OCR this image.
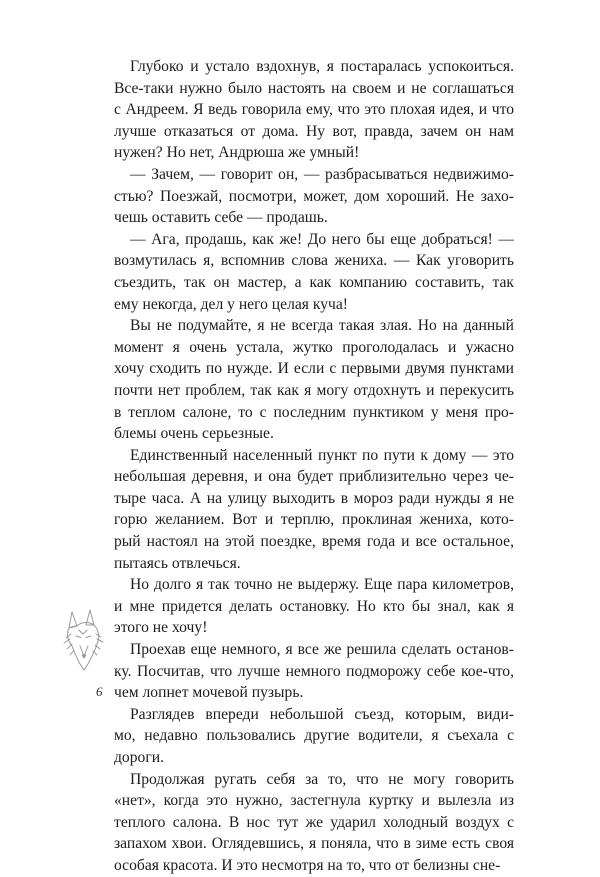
6
Глубоко и устало вздохнув, я постаралась успокоиться.
Все-таки нужно было настоять на своем и не соглашаться
с Андреем. Я ведь говорила ему, что это плохая идея, и что
лучше отказаться от дома. Ну вот, правда, зачем он нам
нужен? Но нет, Андрюша же умный!
— Зачем, — говорит он, — разбрасываться недвижимо-
стью? Поезжай, посмотри, может, дом хороший. Не захо-
чешь оставить себе — продашь.
— Ага, продашь, как же! До него бы еще добраться! —
возмутилась я, вспомнив слова жениха. — Как уговорить
съездить, так он мастер, а как компанию составить, так
ему некогда, дел у него целая куча!
Вы не подумайте, я не всегда такая злая. Но на данный
момент я очень устала, жутко проголодалась и ужасно
хочу сходить по нужде. И если с первыми двумя пунктами
почти нет проблем, так как я могу отдохнуть и перекусить
в теплом салоне, то с последним пунктиком у меня про-
блемы очень серьезные.
Единственный населенный пункт по пути к дому — это
небольшая деревня, и она будет приблизительно через че-
тыре часа. А на улицу выходить в мороз ради нужды я не
горю желанием. Вот и терплю, проклиная жениха, кото-
рый настоял на этой поездке, время года и все остальное,
пытаясь отвлечься.
Но долго я так точно не выдержу. Еще пара километров,
и мне придется делать остановку. Но кто бы знал, как я
этого не хочу!
Проехав еще немного, я все же решила сделать останов-
ку. Посчитав, что лучше немного подморожу себе кое-что,
чем лопнет мочевой пузырь.
Разглядев впереди небольшой съезд, которым, види-
мо, недавно пользовались другие водители, я съехала с
дороги.
Продолжая ругать себя за то, что не могу говорить
«нет», когда это нужно, застегнула куртку и вылезла из
теплого салона. В нос тут же ударил холодный воздух с
запахом хвои. Оглядевшись, я поняла, что в зиме есть своя
особая красота. И это несмотря на то, что от белизны сне-
